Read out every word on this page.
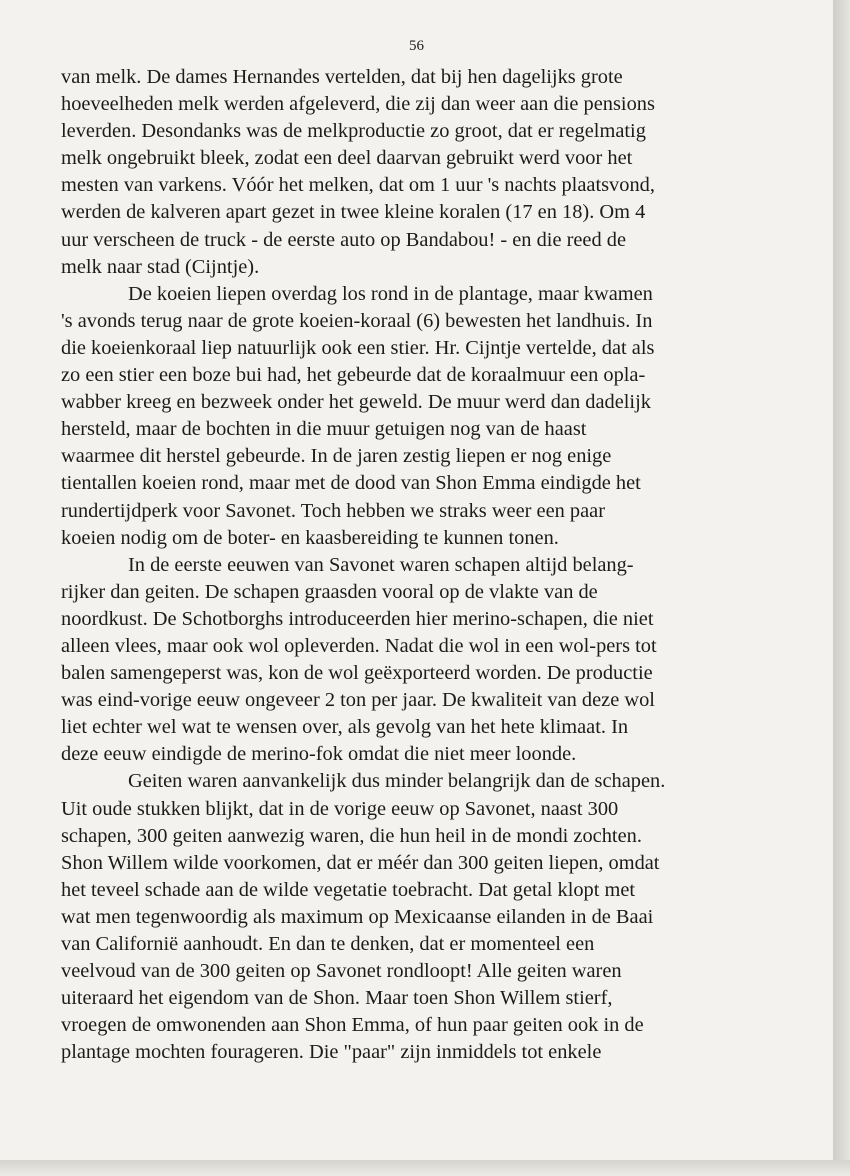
56
van melk. De dames Hernandes vertelden, dat bij hen dagelijks grote
hoeveelheden melk werden afgeleverd, die zij dan weer aan die pensions
leverden. Desondanks was de melkproductie zo groot, dat er regelmatig
melk ongebruikt bleek, zodat een deel daarvan gebruikt werd voor het
mesten van varkens. Vóór het melken, dat om 1 uur 's nachts plaatsvond,
werden de kalveren apart gezet in twee kleine koralen (17 en 18). Om 4
uur verscheen de truck - de eerste auto op Bandabou! - en die reed de
melk naar stad (Cijntje).
De koeien liepen overdag los rond in de plantage, maar kwamen
's avonds terug naar de grote koeien-koraal (6) bewesten het landhuis. In
die koeienkoraal liep natuurlijk ook een stier. Hr. Cijntje vertelde, dat als
zo een stier een boze bui had, het gebeurde dat de koraalmuur een opla-
wabber kreeg en bezweek onder het geweld. De muur werd dan dadelijk
hersteld, maar de bochten in die muur getuigen nog van de haast
waarmee dit herstel gebeurde. In de jaren zestig liepen er nog enige
tientallen koeien rond, maar met de dood van Shon Emma eindigde het
rundertijdperk voor Savonet. Toch hebben we straks weer een paar
koeien nodig om de boter- en kaasbereiding te kunnen tonen.
In de eerste eeuwen van Savonet waren schapen altijd belang-
rijker dan geiten. De schapen graasden vooral op de vlakte van de
noordkust. De Schotborghs introduceerden hier merino-schapen, die niet
alleen vlees, maar ook wol opleverden. Nadat die wol in een wol-pers tot
balen samengeperst was, kon de wol geëxporteerd worden. De productie
was eind-vorige eeuw ongeveer 2 ton per jaar. De kwaliteit van deze wol
liet echter wel wat te wensen over, als gevolg van het hete klimaat. In
deze eeuw eindigde de merino-fok omdat die niet meer loonde.
Geiten waren aanvankelijk dus minder belangrijk dan de schapen.
Uit oude stukken blijkt, dat in de vorige eeuw op Savonet, naast 300
schapen, 300 geiten aanwezig waren, die hun heil in de mondi zochten.
Shon Willem wilde voorkomen, dat er méér dan 300 geiten liepen, omdat
het teveel schade aan de wilde vegetatie toebracht. Dat getal klopt met
wat men tegenwoordig als maximum op Mexicaanse eilanden in de Baai
van Californië aanhoudt. En dan te denken, dat er momenteel een
veelvoud van de 300 geiten op Savonet rondloopt! Alle geiten waren
uiteraard het eigendom van de Shon. Maar toen Shon Willem stierf,
vroegen de omwonenden aan Shon Emma, of hun paar geiten ook in de
plantage mochten fourageren. Die "paar" zijn inmiddels tot enkele
